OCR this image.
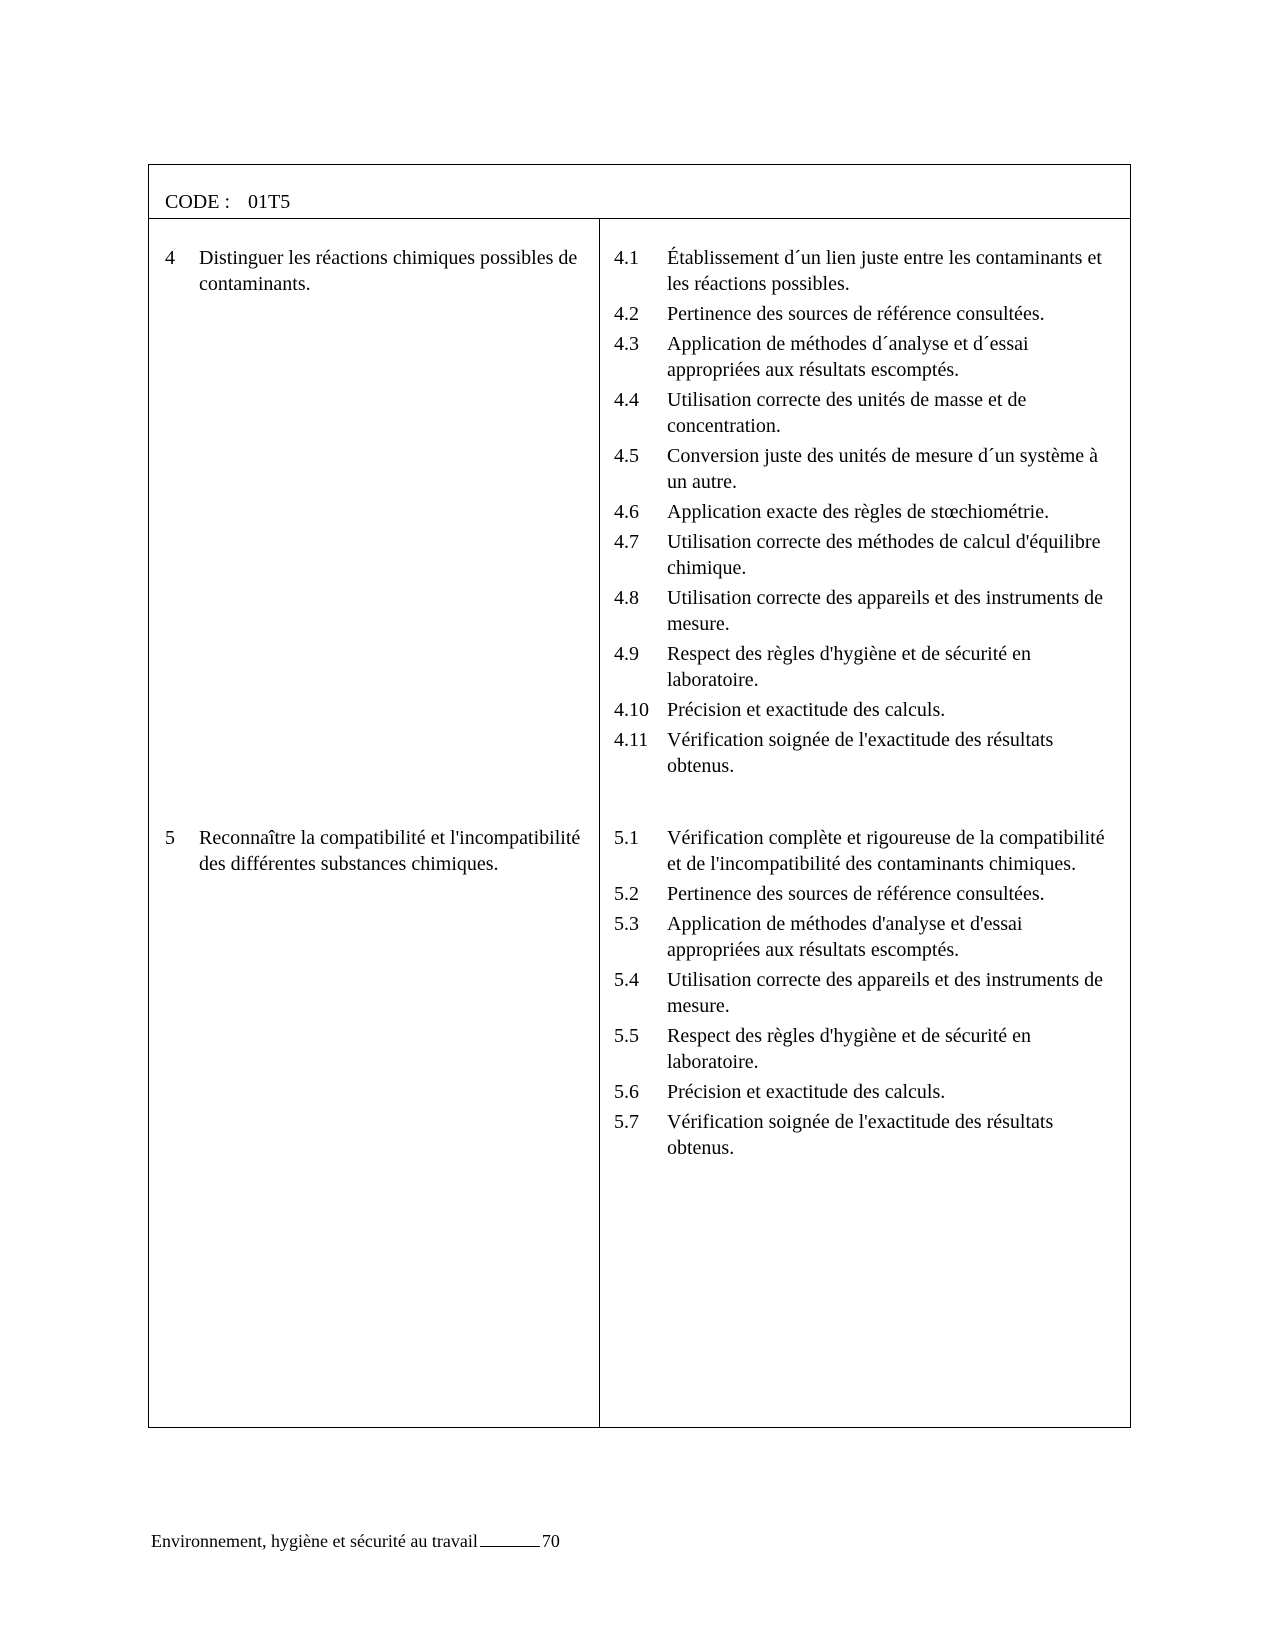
CODE : 01T5
4	Distinguer les réactions chimiques possibles de contaminants.
4.1	Établissement d´un lien juste entre les contaminants et les réactions possibles.
4.2	Pertinence des sources de référence consultées.
4.3	Application de méthodes d´analyse et d´essai appropriées aux résultats escomptés.
4.4	Utilisation correcte des unités de masse et de concentration.
4.5	Conversion juste des unités de mesure d´un système à un autre.
4.6	Application exacte des règles de stœchiométrie.
4.7	Utilisation correcte des méthodes de calcul d'équilibre chimique.
4.8	Utilisation correcte des appareils et des instruments de mesure.
4.9	Respect des règles d'hygiène et de sécurité en laboratoire.
4.10 Précision et exactitude des calculs.
4.11 Vérification soignée de l'exactitude des résultats obtenus.
5	Reconnaître la compatibilité et l'incompatibilité des différentes substances chimiques.
5.1	Vérification complète et rigoureuse de la compatibilité et de l'incompatibilité des contaminants chimiques.
5.2	Pertinence des sources de référence consultées.
5.3	Application de méthodes d'analyse et d'essai appropriées aux résultats escomptés.
5.4	Utilisation correcte des appareils et des instruments de mesure.
5.5	Respect des règles d'hygiène et de sécurité en laboratoire.
5.6	Précision et exactitude des calculs.
5.7	Vérification soignée de l'exactitude des résultats obtenus.
Environnement, hygiène et sécurité au travail	70
